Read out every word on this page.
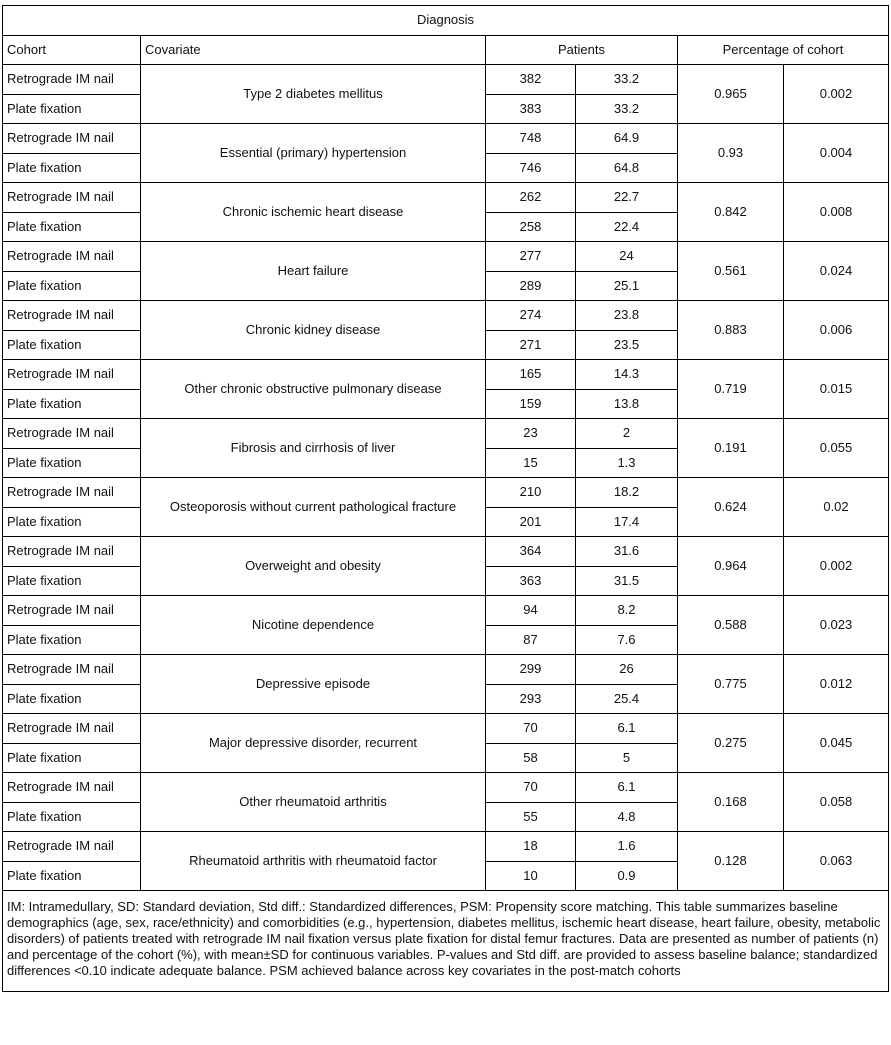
Diagnosis					
Cohort	Covariate	Patients		Percentage of cohort	
Retrograde IM nail	Type 2 diabetes mellitus	382	33.2	0.965	0.002
Plate fixation		383	33.2		
Retrograde IM nail	Essential (primary) hypertension	748	64.9	0.93	0.004
Plate fixation		746	64.8		
Retrograde IM nail	Chronic ischemic heart disease	262	22.7	0.842	0.008
Plate fixation		258	22.4		
Retrograde IM nail	Heart failure	277	24	0.561	0.024
Plate fixation		289	25.1		
Retrograde IM nail	Chronic kidney disease	274	23.8	0.883	0.006
Plate fixation		271	23.5		
Retrograde IM nail	Other chronic obstructive pulmonary disease	165	14.3	0.719	0.015
Plate fixation		159	13.8		
Retrograde IM nail	Fibrosis and cirrhosis of liver	23	2	0.191	0.055
Plate fixation		15	1.3		
Retrograde IM nail	Osteoporosis without current pathological fracture	210	18.2	0.624	0.02
Plate fixation		201	17.4		
Retrograde IM nail	Overweight and obesity	364	31.6	0.964	0.002
Plate fixation		363	31.5		
Retrograde IM nail	Nicotine dependence	94	8.2	0.588	0.023
Plate fixation		87	7.6		
Retrograde IM nail	Depressive episode	299	26	0.775	0.012
Plate fixation		293	25.4		
Retrograde IM nail	Major depressive disorder, recurrent	70	6.1	0.275	0.045
Plate fixation		58	5		
Retrograde IM nail	Other rheumatoid arthritis	70	6.1	0.168	0.058
Plate fixation		55	4.8		
Retrograde IM nail	Rheumatoid arthritis with rheumatoid factor	18	1.6	0.128	0.063
Plate fixation		10	0.9		
IM: Intramedullary, SD: Standard deviation, Std diff.: Standardized differences, PSM: Propensity score matching. This table summarizes baseline demographics (age, sex, race/ethnicity) and comorbidities (e.g., hypertension, diabetes mellitus, ischemic heart disease, heart failure, obesity, metabolic disorders) of patients treated with retrograde IM nail fixation versus plate fixation for distal femur fractures. Data are presented as number of patients (n) and percentage of the cohort (%), with mean±SD for continuous variables. P-values and Std diff. are provided to assess baseline balance; standardized differences <0.10 indicate adequate balance. PSM achieved balance across key covariates in the post-match cohorts					
